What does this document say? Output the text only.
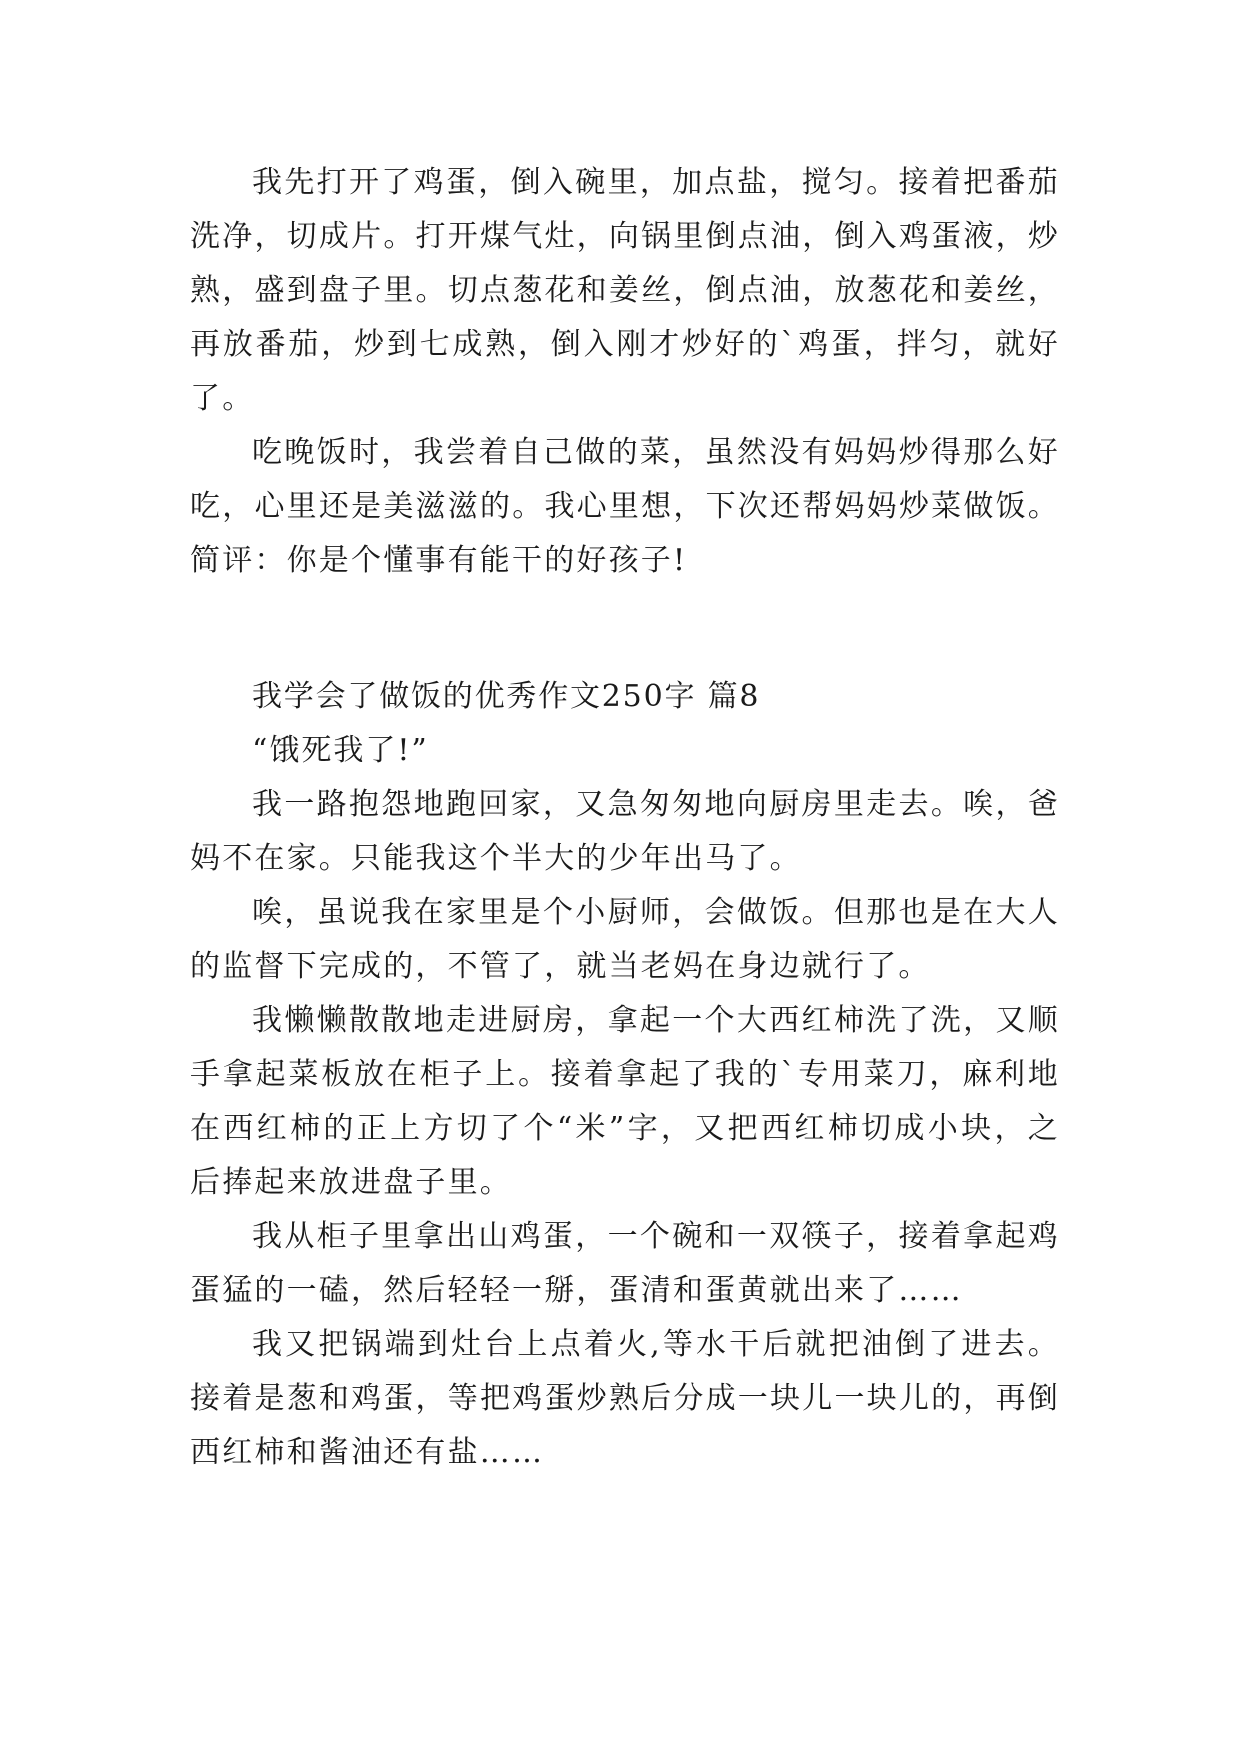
我先打开了鸡蛋，倒入碗里，加点盐，搅匀。接着把番茄洗净，切成片。打开煤气灶，向锅里倒点油，倒入鸡蛋液，炒熟，盛到盘子里。切点葱花和姜丝，倒点油，放葱花和姜丝，再放番茄，炒到七成熟，倒入刚才炒好的`鸡蛋，拌匀，就好了。

吃晚饭时，我尝着自己做的菜，虽然没有妈妈炒得那么好吃，心里还是美滋滋的。我心里想，下次还帮妈妈炒菜做饭。 简评：你是个懂事有能干的好孩子!

我学会了做饭的优秀作文250字 篇8

“饿死我了!”

我一路抱怨地跑回家，又急匆匆地向厨房里走去。唉，爸妈不在家。只能我这个半大的少年出马了。

唉，虽说我在家里是个小厨师，会做饭。但那也是在大人的监督下完成的，不管了，就当老妈在身边就行了。

我懒懒散散地走进厨房，拿起一个大西红柿洗了洗，又顺手拿起菜板放在柜子上。接着拿起了我的`专用菜刀，麻利地在西红柿的正上方切了个“米”字，又把西红柿切成小块，之后捧起来放进盘子里。

我从柜子里拿出山鸡蛋，一个碗和一双筷子，接着拿起鸡蛋猛的一磕，然后轻轻一掰，蛋清和蛋黄就出来了……

我又把锅端到灶台上点着火,等水干后就把油倒了进去。接着是葱和鸡蛋，等把鸡蛋炒熟后分成一块儿一块儿的，再倒西红柿和酱油还有盐……
